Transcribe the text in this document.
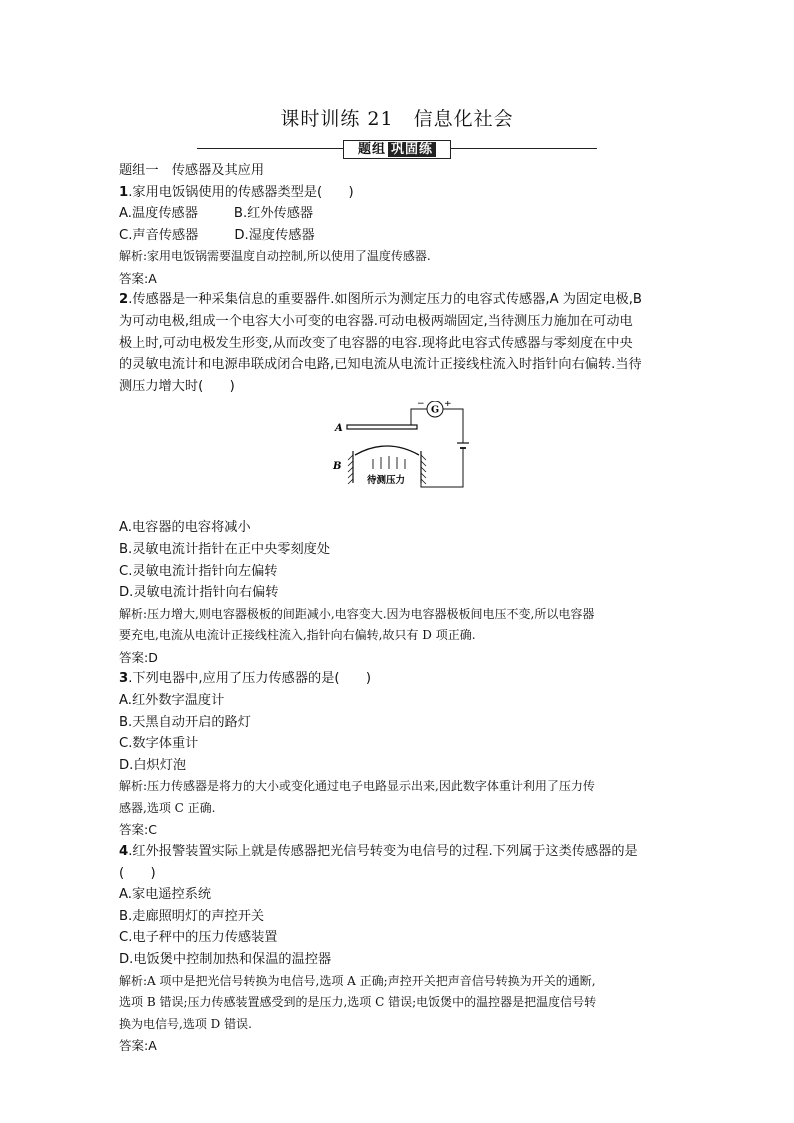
课时训练 21　信息化社会
题组 巩固练
题组一　传感器及其应用
1.家用电饭锅使用的传感器类型是(　　)
A.温度传感器	B.红外传感器
C.声音传感器	D.湿度传感器
解析:家用电饭锅需要温度自动控制,所以使用了温度传感器.
答案:A
2.传感器是一种采集信息的重要器件.如图所示为测定压力的电容式传感器,A 为固定电极,B
为可动电极,组成一个电容大小可变的电容器.可动电极两端固定,当待测压力施加在可动电
极上时,可动电极发生形变,从而改变了电容器的电容.现将此电容式传感器与零刻度在中央
的灵敏电流计和电源串联成闭合电路,已知电流从电流计正接线柱流入时指针向右偏转.当待
测压力增大时(　　)
A
B
待测压力
G
− +
A.电容器的电容将减小
B.灵敏电流计指针在正中央零刻度处
C.灵敏电流计指针向左偏转
D.灵敏电流计指针向右偏转
解析:压力增大,则电容器极板的间距减小,电容变大.因为电容器极板间电压不变,所以电容器
要充电,电流从电流计正接线柱流入,指针向右偏转,故只有 D 项正确.
答案:D
3.下列电器中,应用了压力传感器的是(　　)
A.红外数字温度计
B.天黑自动开启的路灯
C.数字体重计
D.白炽灯泡
解析:压力传感器是将力的大小或变化通过电子电路显示出来,因此数字体重计利用了压力传
感器,选项 C 正确.
答案:C
4.红外报警装置实际上就是传感器把光信号转变为电信号的过程.下列属于这类传感器的是
(　　)
A.家电遥控系统
B.走廊照明灯的声控开关
C.电子秤中的压力传感装置
D.电饭煲中控制加热和保温的温控器
解析:A 项中是把光信号转换为电信号,选项 A 正确;声控开关把声音信号转换为开关的通断,
选项 B 错误;压力传感装置感受到的是压力,选项 C 错误;电饭煲中的温控器是把温度信号转
换为电信号,选项 D 错误.
答案:A
